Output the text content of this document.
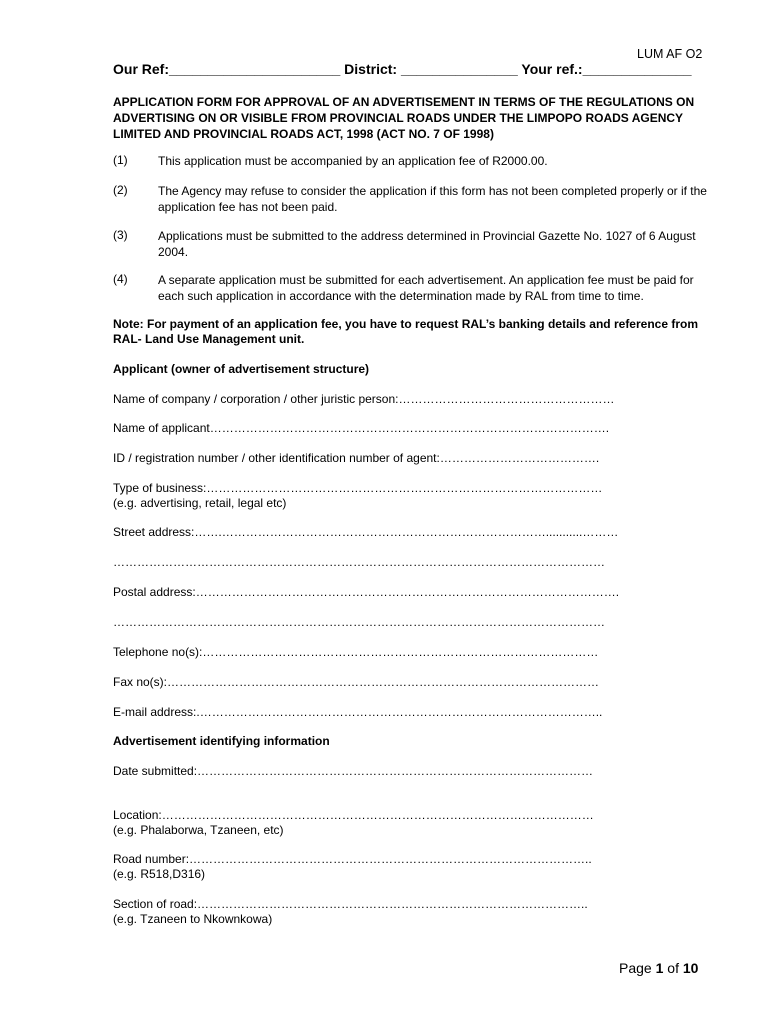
LUM AF O2
Our Ref:______________________ District: _______________ Your ref.:______________
APPLICATION FORM FOR APPROVAL OF AN ADVERTISEMENT IN TERMS OF THE REGULATIONS ON ADVERTISING ON OR VISIBLE FROM PROVINCIAL ROADS UNDER THE LIMPOPO ROADS AGENCY LIMITED AND PROVINCIAL ROADS ACT, 1998 (ACT NO. 7 OF 1998)
(1)	This application must be accompanied by an application fee of R2000.00.
(2)	The Agency may refuse to consider the application if this form has not been completed properly or if the application fee has not been paid.
(3)	Applications must be submitted to the address determined in Provincial Gazette No. 1027 of 6 August 2004.
(4)	A separate application must be submitted for each advertisement. An application fee must be paid for each such application in accordance with the determination made by RAL from time to time.
Note: For payment of an application fee, you have to request RAL’s banking details and reference from RAL- Land Use Management unit.
Applicant (owner of advertisement structure)
Name of company / corporation / other juristic person:………………………………………………
Name of applicant……………………………………………………………………………………….
ID / registration number / other identification number of agent:………………………………….
Type of business:………………………………………………………………………………………
(e.g. advertising, retail, legal etc)
Street address:…….………………………………………………………………………...........………
……………………………………………………………………………………………………………
Postal address:…………………………………………………………………………………………….
……………………………………………………………………………………………………………
Telephone no(s):………………………………………………………………………………………
Fax no(s):………………………………………………………………………………………………
E-mail address:.………………………………………………………………………………………..
Advertisement identifying information
Date submitted:………………………………………………………………………………………
Location:………………………………………………………………………………………………
(e.g. Phalaborwa, Tzaneen, etc)
Road number:………………………………………………………………………………………..
(e.g. R518,D316)
Section of road:……………………………………………………………………………………..
(e.g. Tzaneen to Nkownkowa)
Page 1 of 10
